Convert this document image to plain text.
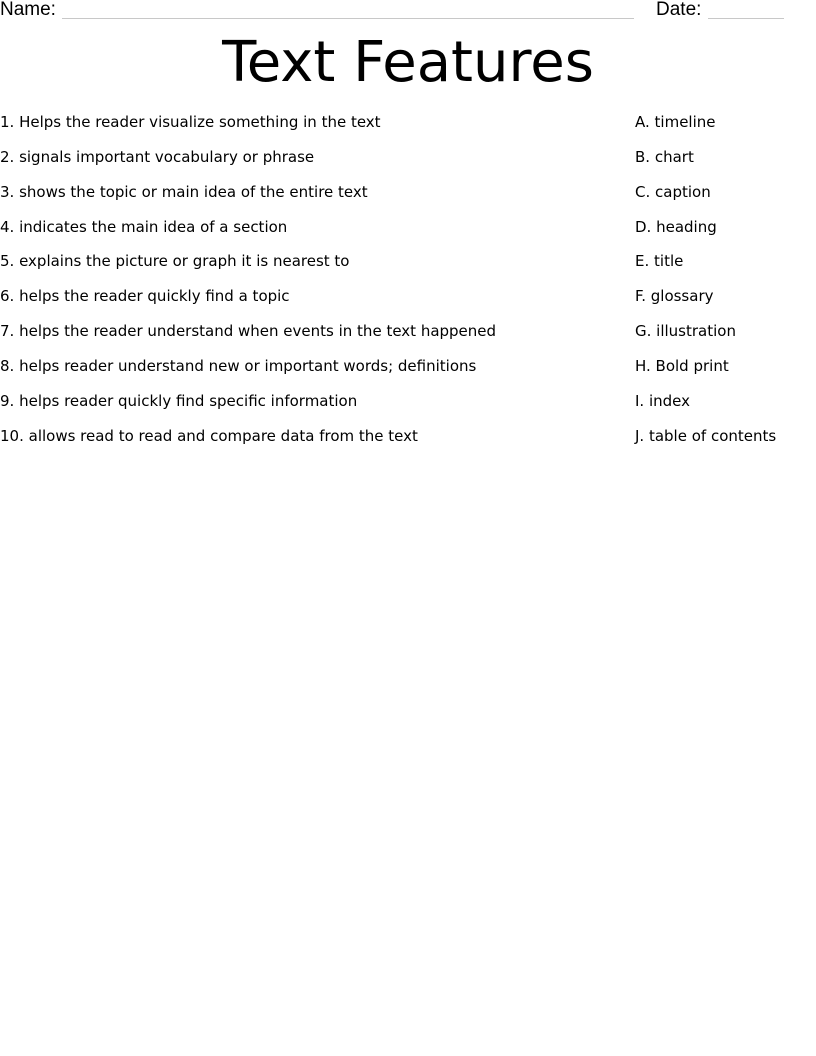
Name:	Date:
Text Features
1. Helps the reader visualize something in the text
2. signals important vocabulary or phrase
3. shows the topic or main idea of the entire text
4. indicates the main idea of a section
5. explains the picture or graph it is nearest to
6. helps the reader quickly find a topic
7. helps the reader understand when events in the text happened
8. helps reader understand new or important words; definitions
9. helps reader quickly find specific information
10. allows read to read and compare data from the text
A. timeline
B. chart
C. caption
D. heading
E. title
F. glossary
G. illustration
H. Bold print
I. index
J. table of contents
